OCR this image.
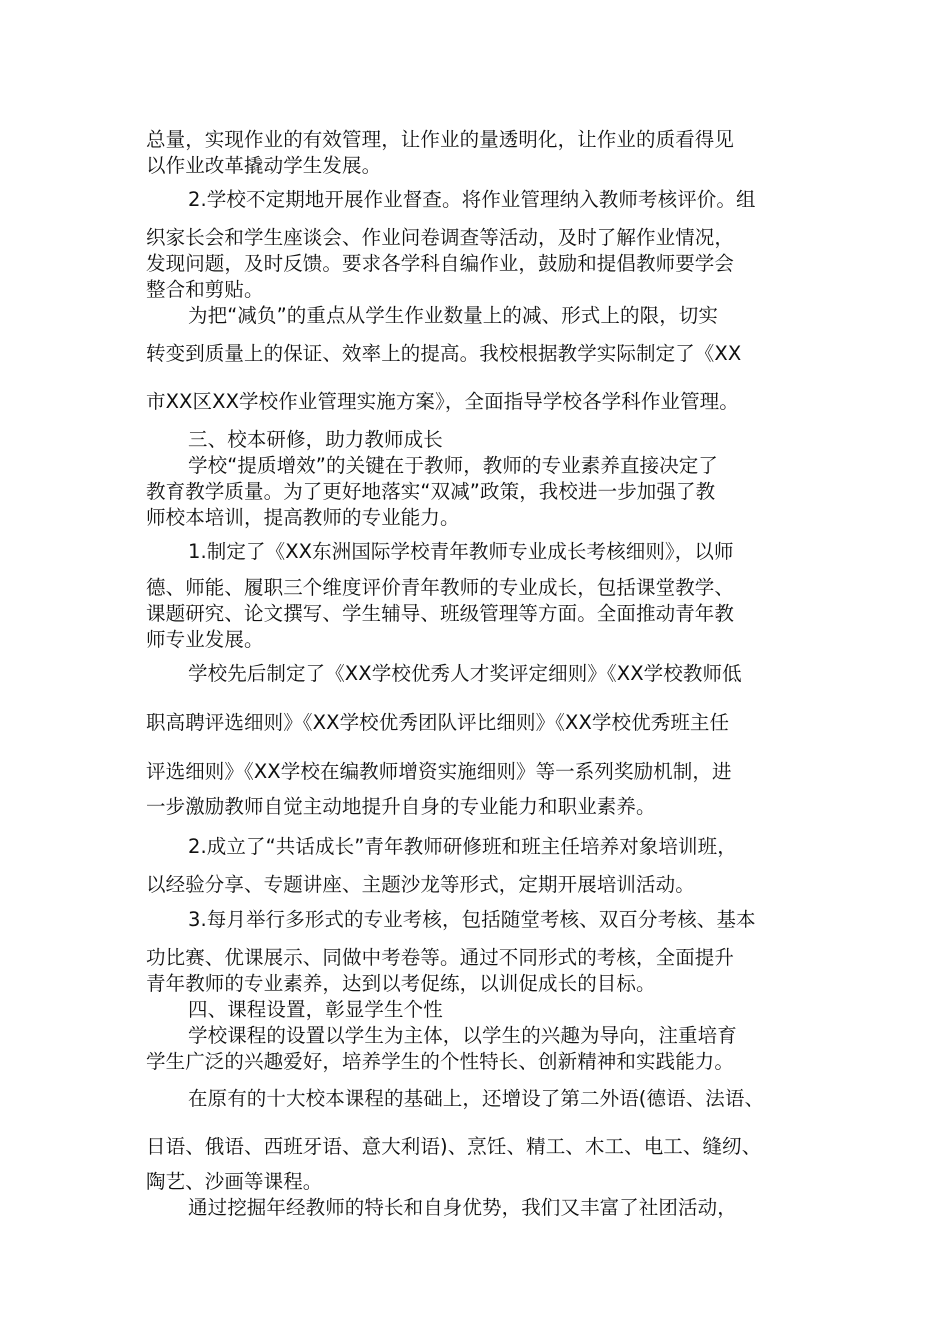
总量，实现作业的有效管理，让作业的量透明化，让作业的质看得见
以作业改革撬动学生发展。
2.学校不定期地开展作业督查。将作业管理纳入教师考核评价。组
织家长会和学生座谈会、作业问卷调查等活动，及时了解作业情况，
发现问题，及时反馈。要求各学科自编作业，鼓励和提倡教师要学会
整合和剪贴。
为把“减负”的重点从学生作业数量上的减、形式上的限，切实
转变到质量上的保证、效率上的提高。我校根据教学实际制定了《XX
市XX区XX学校作业管理实施方案》，全面指导学校各学科作业管理。
三、校本研修，助力教师成长
学校“提质增效”的关键在于教师，教师的专业素养直接决定了
教育教学质量。为了更好地落实“双减”政策，我校进一步加强了教
师校本培训，提高教师的专业能力。
1.制定了《XX东洲国际学校青年教师专业成长考核细则》，以师
德、师能、履职三个维度评价青年教师的专业成长，包括课堂教学、
课题研究、论文撰写、学生辅导、班级管理等方面。全面推动青年教
师专业发展。
学校先后制定了《XX学校优秀人才奖评定细则》《XX学校教师低
职高聘评选细则》《XX学校优秀团队评比细则》《XX学校优秀班主任
评选细则》《XX学校在编教师增资实施细则》等一系列奖励机制，进
一步激励教师自觉主动地提升自身的专业能力和职业素养。
2.成立了“共话成长”青年教师研修班和班主任培养对象培训班，
以经验分享、专题讲座、主题沙龙等形式，定期开展培训活动。
3.每月举行多形式的专业考核，包括随堂考核、双百分考核、基本
功比赛、优课展示、同做中考卷等。通过不同形式的考核，全面提升
青年教师的专业素养，达到以考促练，以训促成长的目标。
四、课程设置，彰显学生个性
学校课程的设置以学生为主体，以学生的兴趣为导向，注重培育
学生广泛的兴趣爱好，培养学生的个性特长、创新精神和实践能力。
在原有的十大校本课程的基础上，还增设了第二外语(德语、法语、
日语、俄语、西班牙语、意大利语)、烹饪、精工、木工、电工、缝纫、
陶艺、沙画等课程。
通过挖掘年经教师的特长和自身优势，我们又丰富了社团活动，
